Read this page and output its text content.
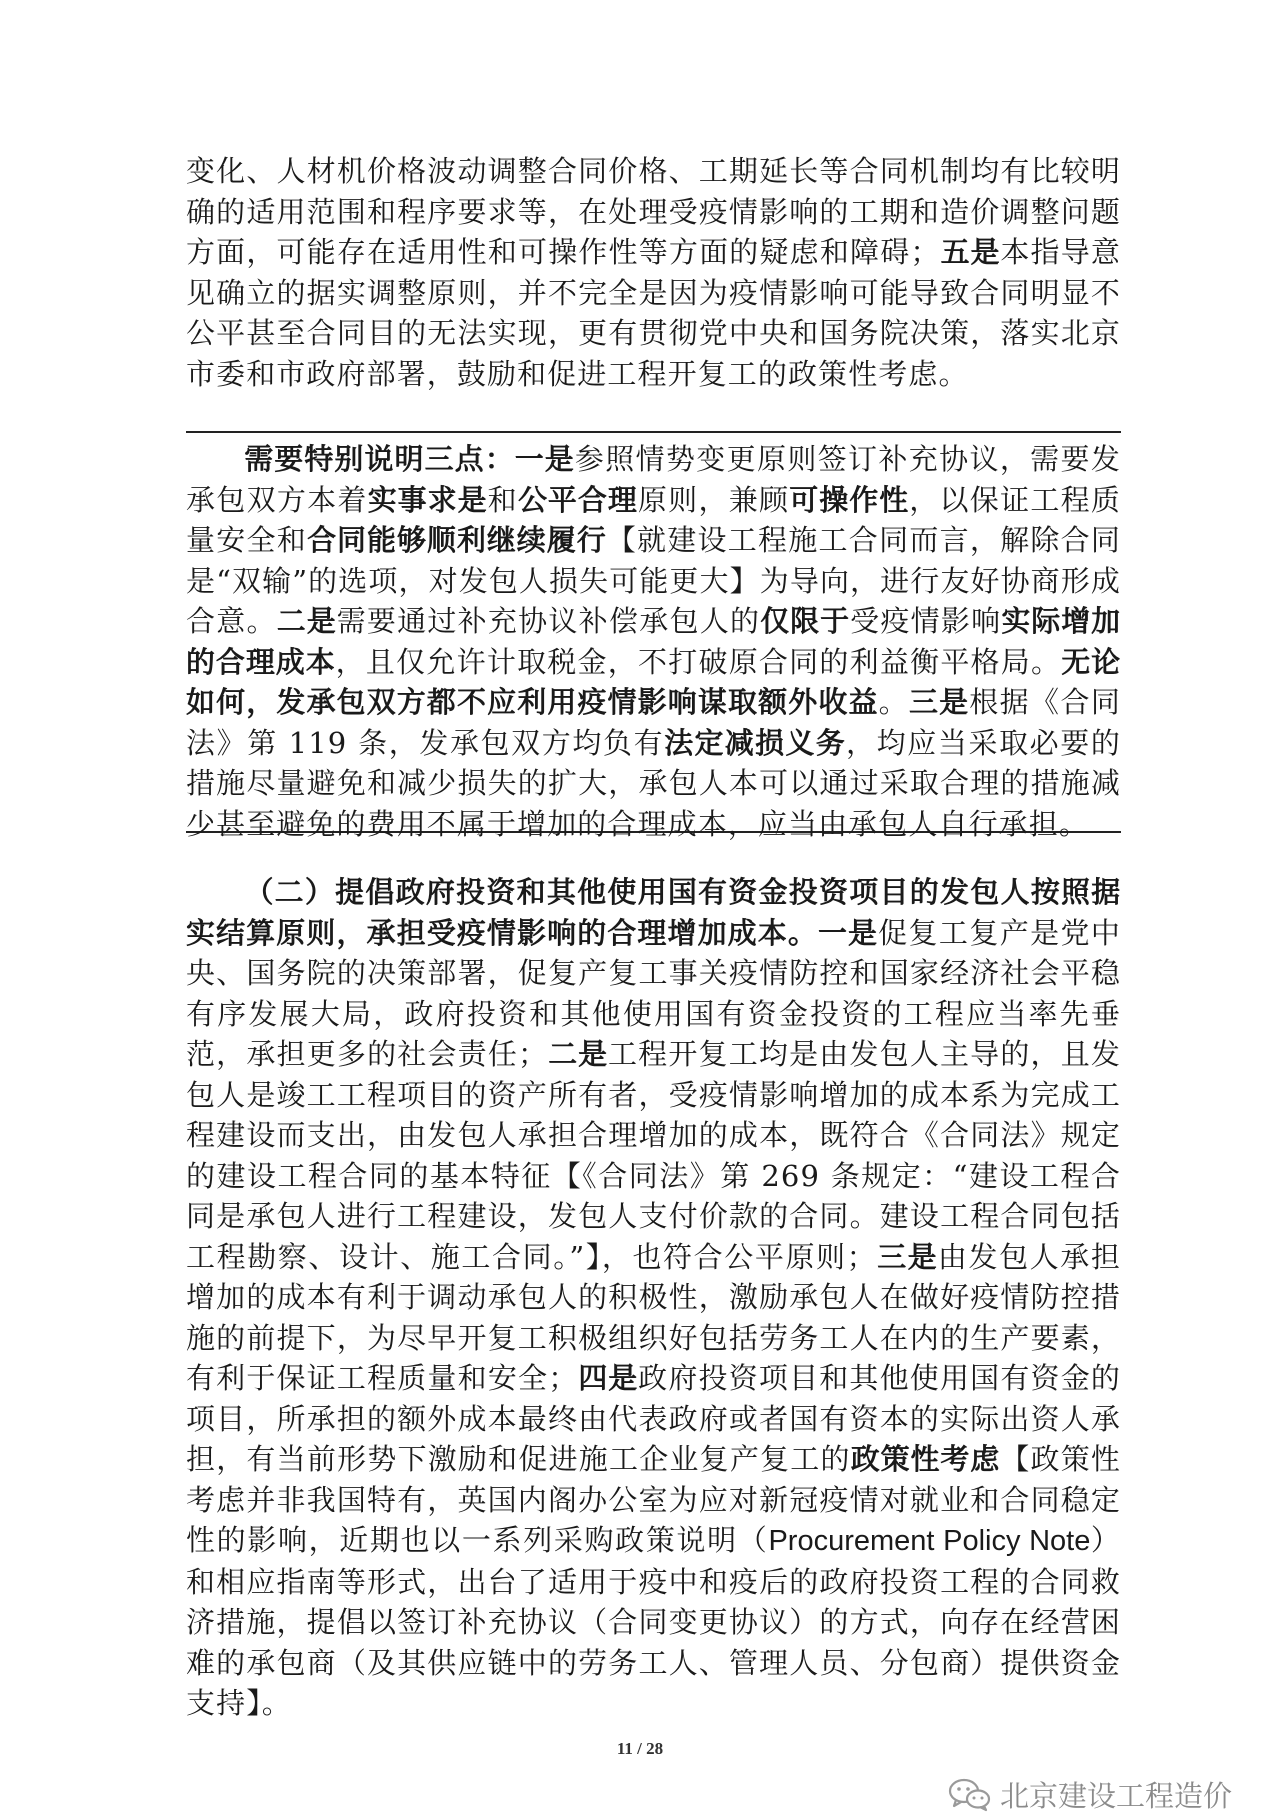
变化、人材机价格波动调整合同价格、工期延长等合同机制均有比较明确的适用范围和程序要求等，在处理受疫情影响的工期和造价调整问题方面，可能存在适用性和可操作性等方面的疑虑和障碍；五是本指导意见确立的据实调整原则，并不完全是因为疫情影响可能导致合同明显不公平甚至合同目的无法实现，更有贯彻党中央和国务院决策，落实北京市委和市政府部署，鼓励和促进工程开复工的政策性考虑。

需要特别说明三点：一是参照情势变更原则签订补充协议，需要发承包双方本着实事求是和公平合理原则，兼顾可操作性，以保证工程质量安全和合同能够顺利继续履行【就建设工程施工合同而言，解除合同是“双输”的选项，对发包人损失可能更大】为导向，进行友好协商形成合意。二是需要通过补充协议补偿承包人的仅限于受疫情影响实际增加的合理成本，且仅允许计取税金，不打破原合同的利益衡平格局。无论如何，发承包双方都不应利用疫情影响谋取额外收益。三是根据《合同法》第 119 条，发承包双方均负有法定减损义务，均应当采取必要的措施尽量避免和减少损失的扩大，承包人本可以通过采取合理的措施减少甚至避免的费用不属于增加的合理成本，应当由承包人自行承担。

（二）提倡政府投资和其他使用国有资金投资项目的发包人按照据实结算原则，承担受疫情影响的合理增加成本。一是促复工复产是党中央、国务院的决策部署，促复产复工事关疫情防控和国家经济社会平稳有序发展大局，政府投资和其他使用国有资金投资的工程应当率先垂范，承担更多的社会责任；二是工程开复工均是由发包人主导的，且发包人是竣工工程项目的资产所有者，受疫情影响增加的成本系为完成工程建设而支出，由发包人承担合理增加的成本，既符合《合同法》规定的建设工程合同的基本特征【《合同法》第 269 条规定：“建设工程合同是承包人进行工程建设，发包人支付价款的合同。建设工程合同包括工程勘察、设计、施工合同。”】，也符合公平原则；三是由发包人承担增加的成本有利于调动承包人的积极性，激励承包人在做好疫情防控措施的前提下，为尽早开复工积极组织好包括劳务工人在内的生产要素，有利于保证工程质量和安全；四是政府投资项目和其他使用国有资金的项目，所承担的额外成本最终由代表政府或者国有资本的实际出资人承担，有当前形势下激励和促进施工企业复产复工的政策性考虑【政策性考虑并非我国特有，英国内阁办公室为应对新冠疫情对就业和合同稳定性的影响，近期也以一系列采购政策说明（Procurement Policy Note）和相应指南等形式，出台了适用于疫中和疫后的政府投资工程的合同救济措施，提倡以签订补充协议（合同变更协议）的方式，向存在经营困难的承包商（及其供应链中的劳务工人、管理人员、分包商）提供资金支持】。

11 / 28
北京建设工程造价
